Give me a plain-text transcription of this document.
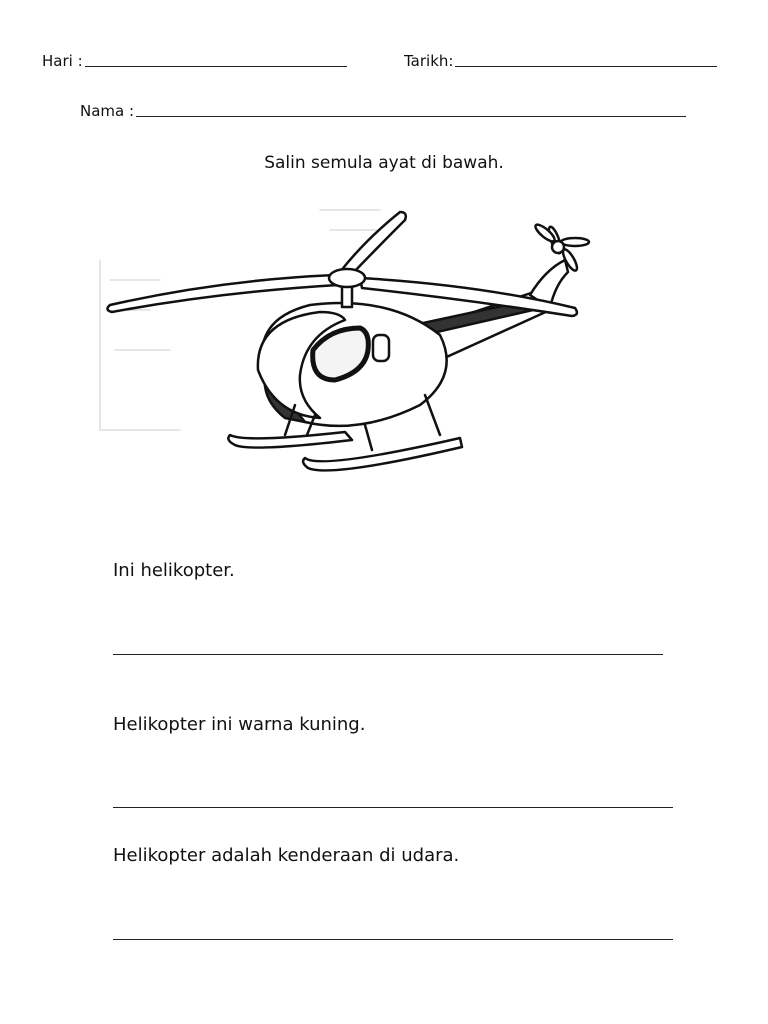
Hari :	Tarikh:
Nama :
Salin semula ayat di bawah.
Ini helikopter.
Helikopter ini warna kuning.
Helikopter adalah kenderaan di udara.
